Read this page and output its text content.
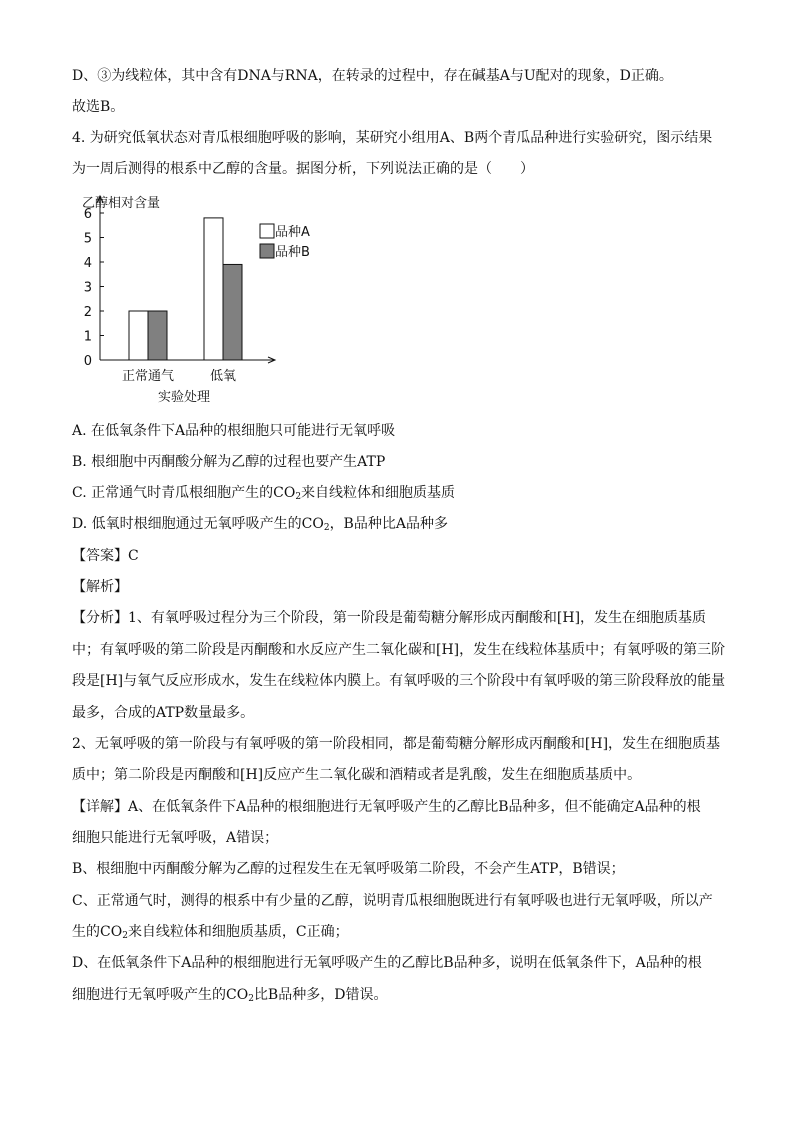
D、③为线粒体，其中含有DNA与RNA，在转录的过程中，存在碱基A与U配对的现象，D正确。
故选B。
4. 为研究低氧状态对青瓜根细胞呼吸的影响，某研究小组用A、B两个青瓜品种进行实验研究，图示结果
为一周后测得的根系中乙醇的含量。据图分析，下列说法正确的是（　　）
0
1
2
3
4
5
6
正常通气	低氧
品种A
品种B
乙醇相对含量
实验处理
A. 在低氧条件下A品种的根细胞只可能进行无氧呼吸
B. 根细胞中丙酮酸分解为乙醇的过程也要产生ATP
C. 正常通气时青瓜根细胞产生的$CO_2$来自线粒体和细胞质基质
D. 低氧时根细胞通过无氧呼吸产生的$CO_2$，B品种比A品种多
【答案】C
【解析】
【分析】1、有氧呼吸过程分为三个阶段，第一阶段是葡萄糖分解形成丙酮酸和[H]，发生在细胞质基质
中；有氧呼吸的第二阶段是丙酮酸和水反应产生二氧化碳和[H]，发生在线粒体基质中；有氧呼吸的第三阶
段是[H]与氧气反应形成水，发生在线粒体内膜上。有氧呼吸的三个阶段中有氧呼吸的第三阶段释放的能量
最多，合成的ATP数量最多。
2、无氧呼吸的第一阶段与有氧呼吸的第一阶段相同，都是葡萄糖分解形成丙酮酸和[H]，发生在细胞质基
质中；第二阶段是丙酮酸和[H]反应产生二氧化碳和酒精或者是乳酸，发生在细胞质基质中。
【详解】A、在低氧条件下A品种的根细胞进行无氧呼吸产生的乙醇比B品种多，但不能确定A品种的根
细胞只能进行无氧呼吸，A错误；
B、根细胞中丙酮酸分解为乙醇的过程发生在无氧呼吸第二阶段，不会产生ATP，B错误；
C、正常通气时，测得的根系中有少量的乙醇，说明青瓜根细胞既进行有氧呼吸也进行无氧呼吸，所以产
生的$CO_2$来自线粒体和细胞质基质，C正确；
D、在低氧条件下A品种的根细胞进行无氧呼吸产生的乙醇比B品种多，说明在低氧条件下，A品种的根
细胞进行无氧呼吸产生的$CO_2$比B品种多，D错误。
